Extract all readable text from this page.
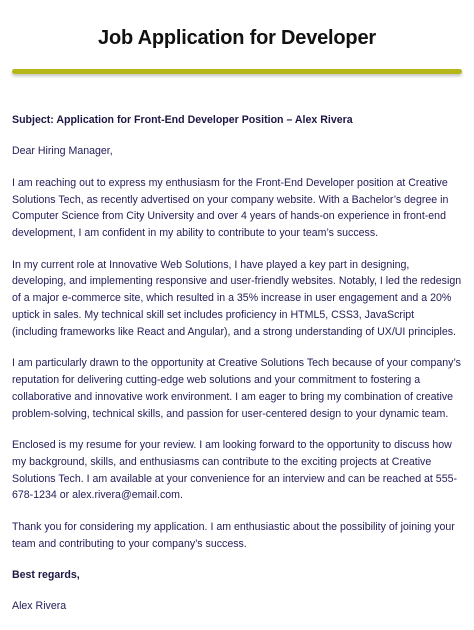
Job Application for Developer

Subject: Application for Front-End Developer Position – Alex Rivera

Dear Hiring Manager,

I am reaching out to express my enthusiasm for the Front-End Developer position at Creative Solutions Tech, as recently advertised on your company website. With a Bachelor’s degree in Computer Science from City University and over 4 years of hands-on experience in front-end development, I am confident in my ability to contribute to your team’s success.

In my current role at Innovative Web Solutions, I have played a key part in designing, developing, and implementing responsive and user-friendly websites. Notably, I led the redesign of a major e-commerce site, which resulted in a 35% increase in user engagement and a 20% uptick in sales. My technical skill set includes proficiency in HTML5, CSS3, JavaScript (including frameworks like React and Angular), and a strong understanding of UX/UI principles.

I am particularly drawn to the opportunity at Creative Solutions Tech because of your company’s reputation for delivering cutting-edge web solutions and your commitment to fostering a collaborative and innovative work environment. I am eager to bring my combination of creative problem-solving, technical skills, and passion for user-centered design to your dynamic team.

Enclosed is my resume for your review. I am looking forward to the opportunity to discuss how my background, skills, and enthusiasms can contribute to the exciting projects at Creative Solutions Tech. I am available at your convenience for an interview and can be reached at 555-678-1234 or alex.rivera@email.com.

Thank you for considering my application. I am enthusiastic about the possibility of joining your team and contributing to your company’s success.

Best regards,

Alex Rivera
